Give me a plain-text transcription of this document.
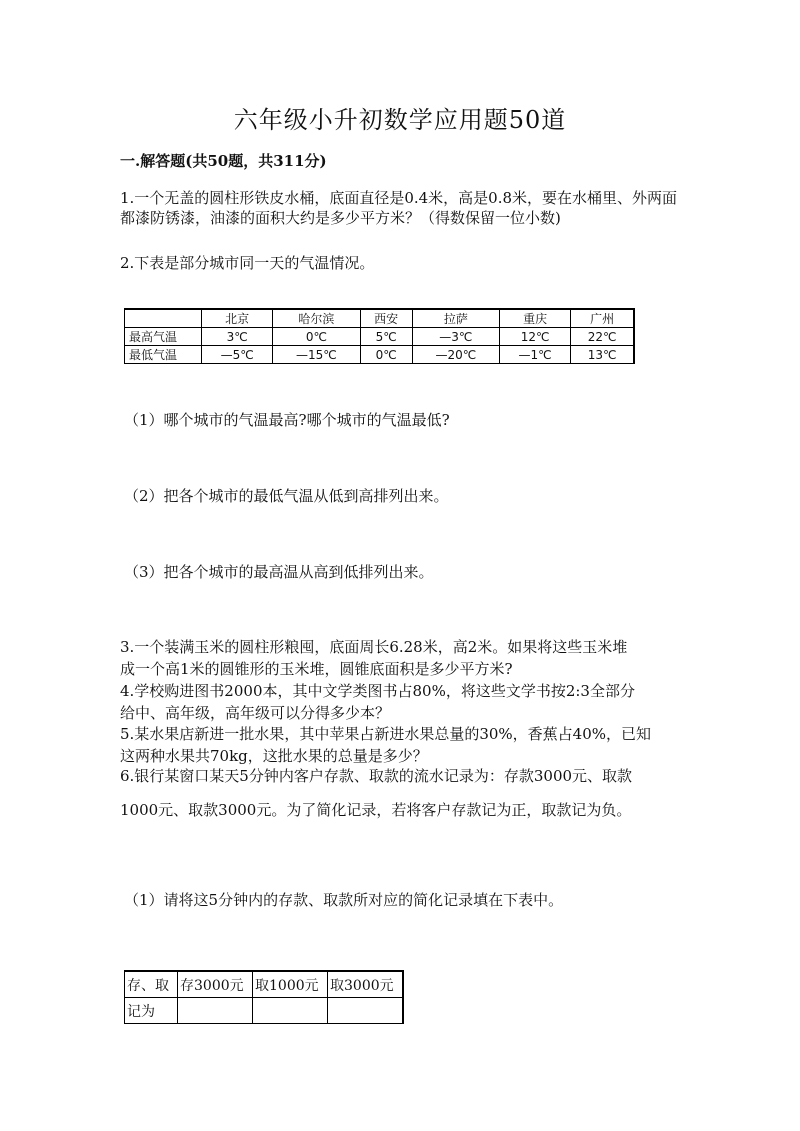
六年级小升初数学应用题50道
一.解答题(共50题，共311分)
1.一个无盖的圆柱形铁皮水桶，底面直径是0.4米，高是0.8米，要在水桶里、外两面都漆防锈漆，油漆的面积大约是多少平方米？（得数保留一位小数)
2.下表是部分城市同一天的气温情况。
	北京	哈尔滨	西安	拉萨	重庆	广州
最高气温	3℃	0℃	5℃	—3℃	12℃	22℃
最低气温	—5℃	—15℃	0℃	—20℃	—1℃	13℃
（1）哪个城市的气温最高?哪个城市的气温最低?
（2）把各个城市的最低气温从低到高排列出来。
（3）把各个城市的最高温从高到低排列出来。
3.一个装满玉米的圆柱形粮囤，底面周长6.28米，高2米。如果将这些玉米堆
成一个高1米的圆锥形的玉米堆，圆锥底面积是多少平方米?
4.学校购进图书2000本，其中文学类图书占80%，将这些文学书按2:3全部分
给中、高年级，高年级可以分得多少本？
5.某水果店新进一批水果，其中苹果占新进水果总量的30%，香蕉占40%，已知
这两种水果共70kg，这批水果的总量是多少？
6.银行某窗口某天5分钟内客户存款、取款的流水记录为：存款3000元、取款
1000元、取款3000元。为了简化记录，若将客户存款记为正，取款记为负。
（1）请将这5分钟内的存款、取款所对应的简化记录填在下表中。
存、取	存3000元	取1000元	取3000元
记为			
